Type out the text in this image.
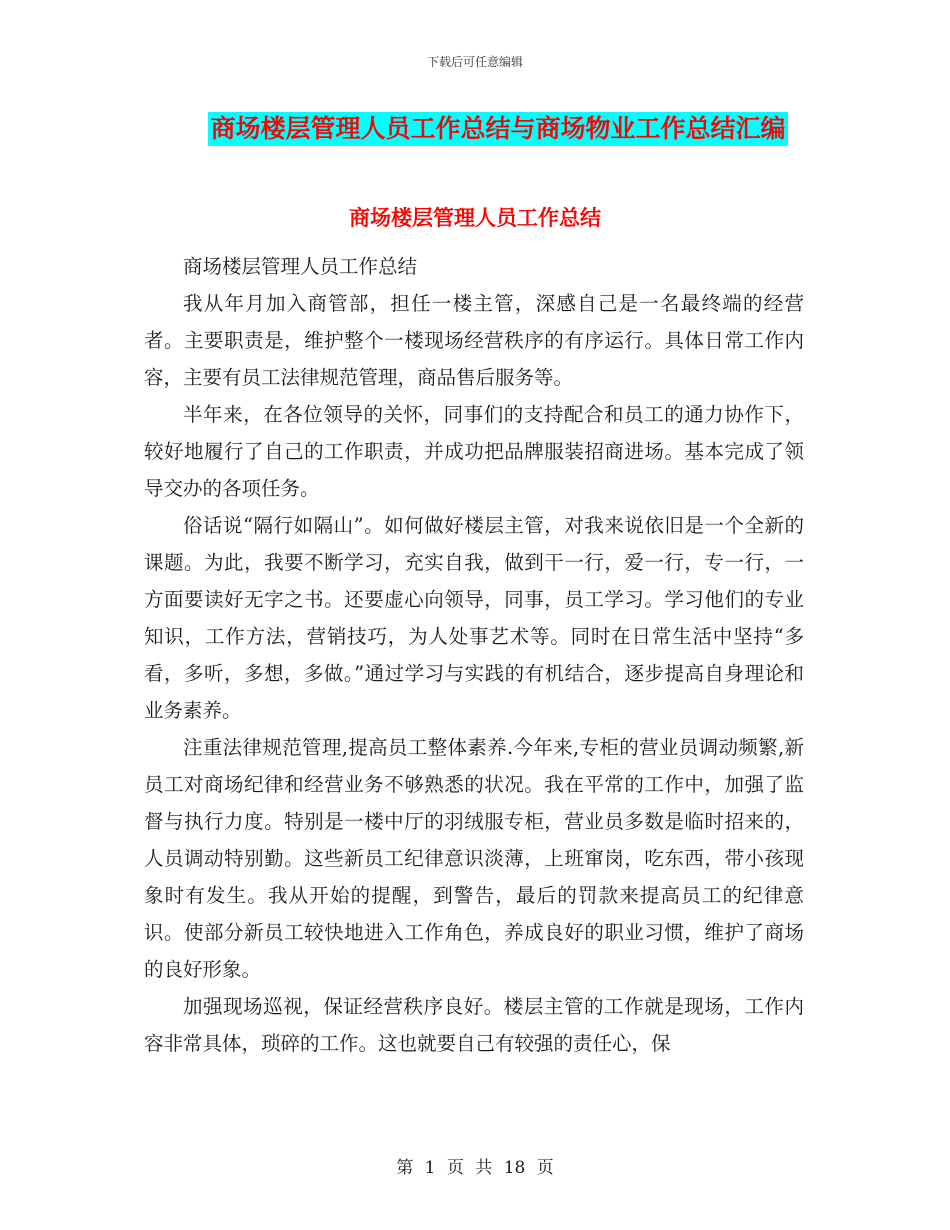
下载后可任意编辑
商场楼层管理人员工作总结与商场物业工作总结汇编
商场楼层管理人员工作总结

商场楼层管理人员工作总结

我从年月加入商管部，担任一楼主管，深感自己是一名最终端的经营者。主要职责是，维护整个一楼现场经营秩序的有序运行。具体日常工作内容，主要有员工法律规范管理，商品售后服务等。

半年来，在各位领导的关怀，同事们的支持配合和员工的通力协作下，较好地履行了自己的工作职责，并成功把品牌服装招商进场。基本完成了领导交办的各项任务。

俗话说“隔行如隔山”。如何做好楼层主管，对我来说依旧是一个全新的课题。为此，我要不断学习，充实自我，做到干一行，爱一行，专一行，一方面要读好无字之书。还要虚心向领导，同事，员工学习。学习他们的专业知识，工作方法，营销技巧，为人处事艺术等。同时在日常生活中坚持“多看，多听，多想，多做。”通过学习与实践的有机结合，逐步提高自身理论和业务素养。

注重法律规范管理,提高员工整体素养.今年来,专柜的营业员调动频繁,新员工对商场纪律和经营业务不够熟悉的状况。我在平常的工作中，加强了监督与执行力度。特别是一楼中厅的羽绒服专柜，营业员多数是临时招来的，人员调动特别勤。这些新员工纪律意识淡薄，上班窜岗，吃东西，带小孩现象时有发生。我从开始的提醒，到警告，最后的罚款来提高员工的纪律意识。使部分新员工较快地进入工作角色，养成良好的职业习惯，维护了商场的良好形象。

加强现场巡视，保证经营秩序良好。楼层主管的工作就是现场，工作内容非常具体，琐碎的工作。这也就要自己有较强的责任心，保

第 1 页 共 18 页
